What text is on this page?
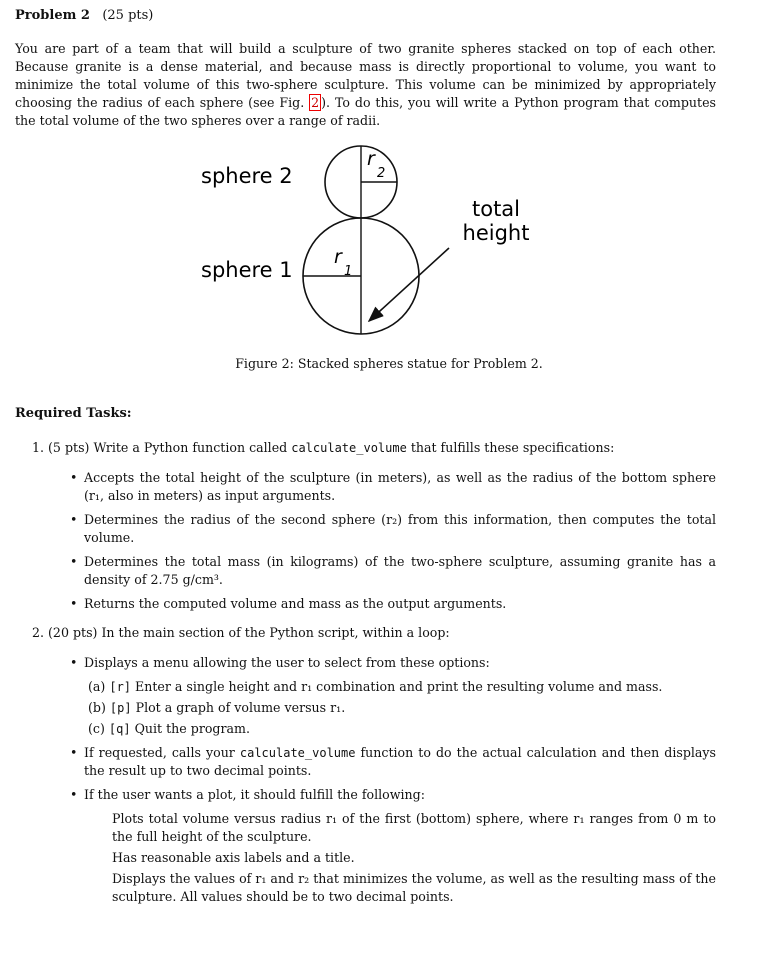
Problem 2 (25 pts)
You are part of a team that will build a sculpture of two granite spheres stacked on top of each other. Because granite is a dense material, and because mass is directly proportional to volume, you want to minimize the total volume of this two-sphere sculpture. This volume can be minimized by appropriately choosing the radius of each sphere (see Fig. 2 ). To do this, you will write a Python program that computes the total volume of the two spheres over a range of radii.
sphere 2
sphere 1
r
2
r
1
total
height
Figure 2: Stacked spheres statue for Problem 2.
Required Tasks:
1. (5 pts) Write a Python function called calculate_volume that fulfills these specifications:
• Accepts the total height of the sculpture (in meters), as well as the radius of the bottom sphere (r₁, also in meters) as input arguments.
• Determines the radius of the second sphere (r₂) from this information, then computes the total volume.
• Determines the total mass (in kilograms) of the two-sphere sculpture, assuming granite has a density of 2.75 g/cm³.
• Returns the computed volume and mass as the output arguments.
2. (20 pts) In the main section of the Python script, within a loop:
• Displays a menu allowing the user to select from these options:
(a) [r] Enter a single height and r₁ combination and print the resulting volume and mass.
(b) [p] Plot a graph of volume versus r₁.
(c) [q] Quit the program.
• If requested, calls your calculate_volume function to do the actual calculation and then displays the result up to two decimal points.
• If the user wants a plot, it should fulfill the following:
Plots total volume versus radius r₁ of the first (bottom) sphere, where r₁ ranges from 0 m to the full height of the sculpture.
Has reasonable axis labels and a title.
Displays the values of r₁ and r₂ that minimizes the volume, as well as the resulting mass of the sculpture. All values should be to two decimal points.
